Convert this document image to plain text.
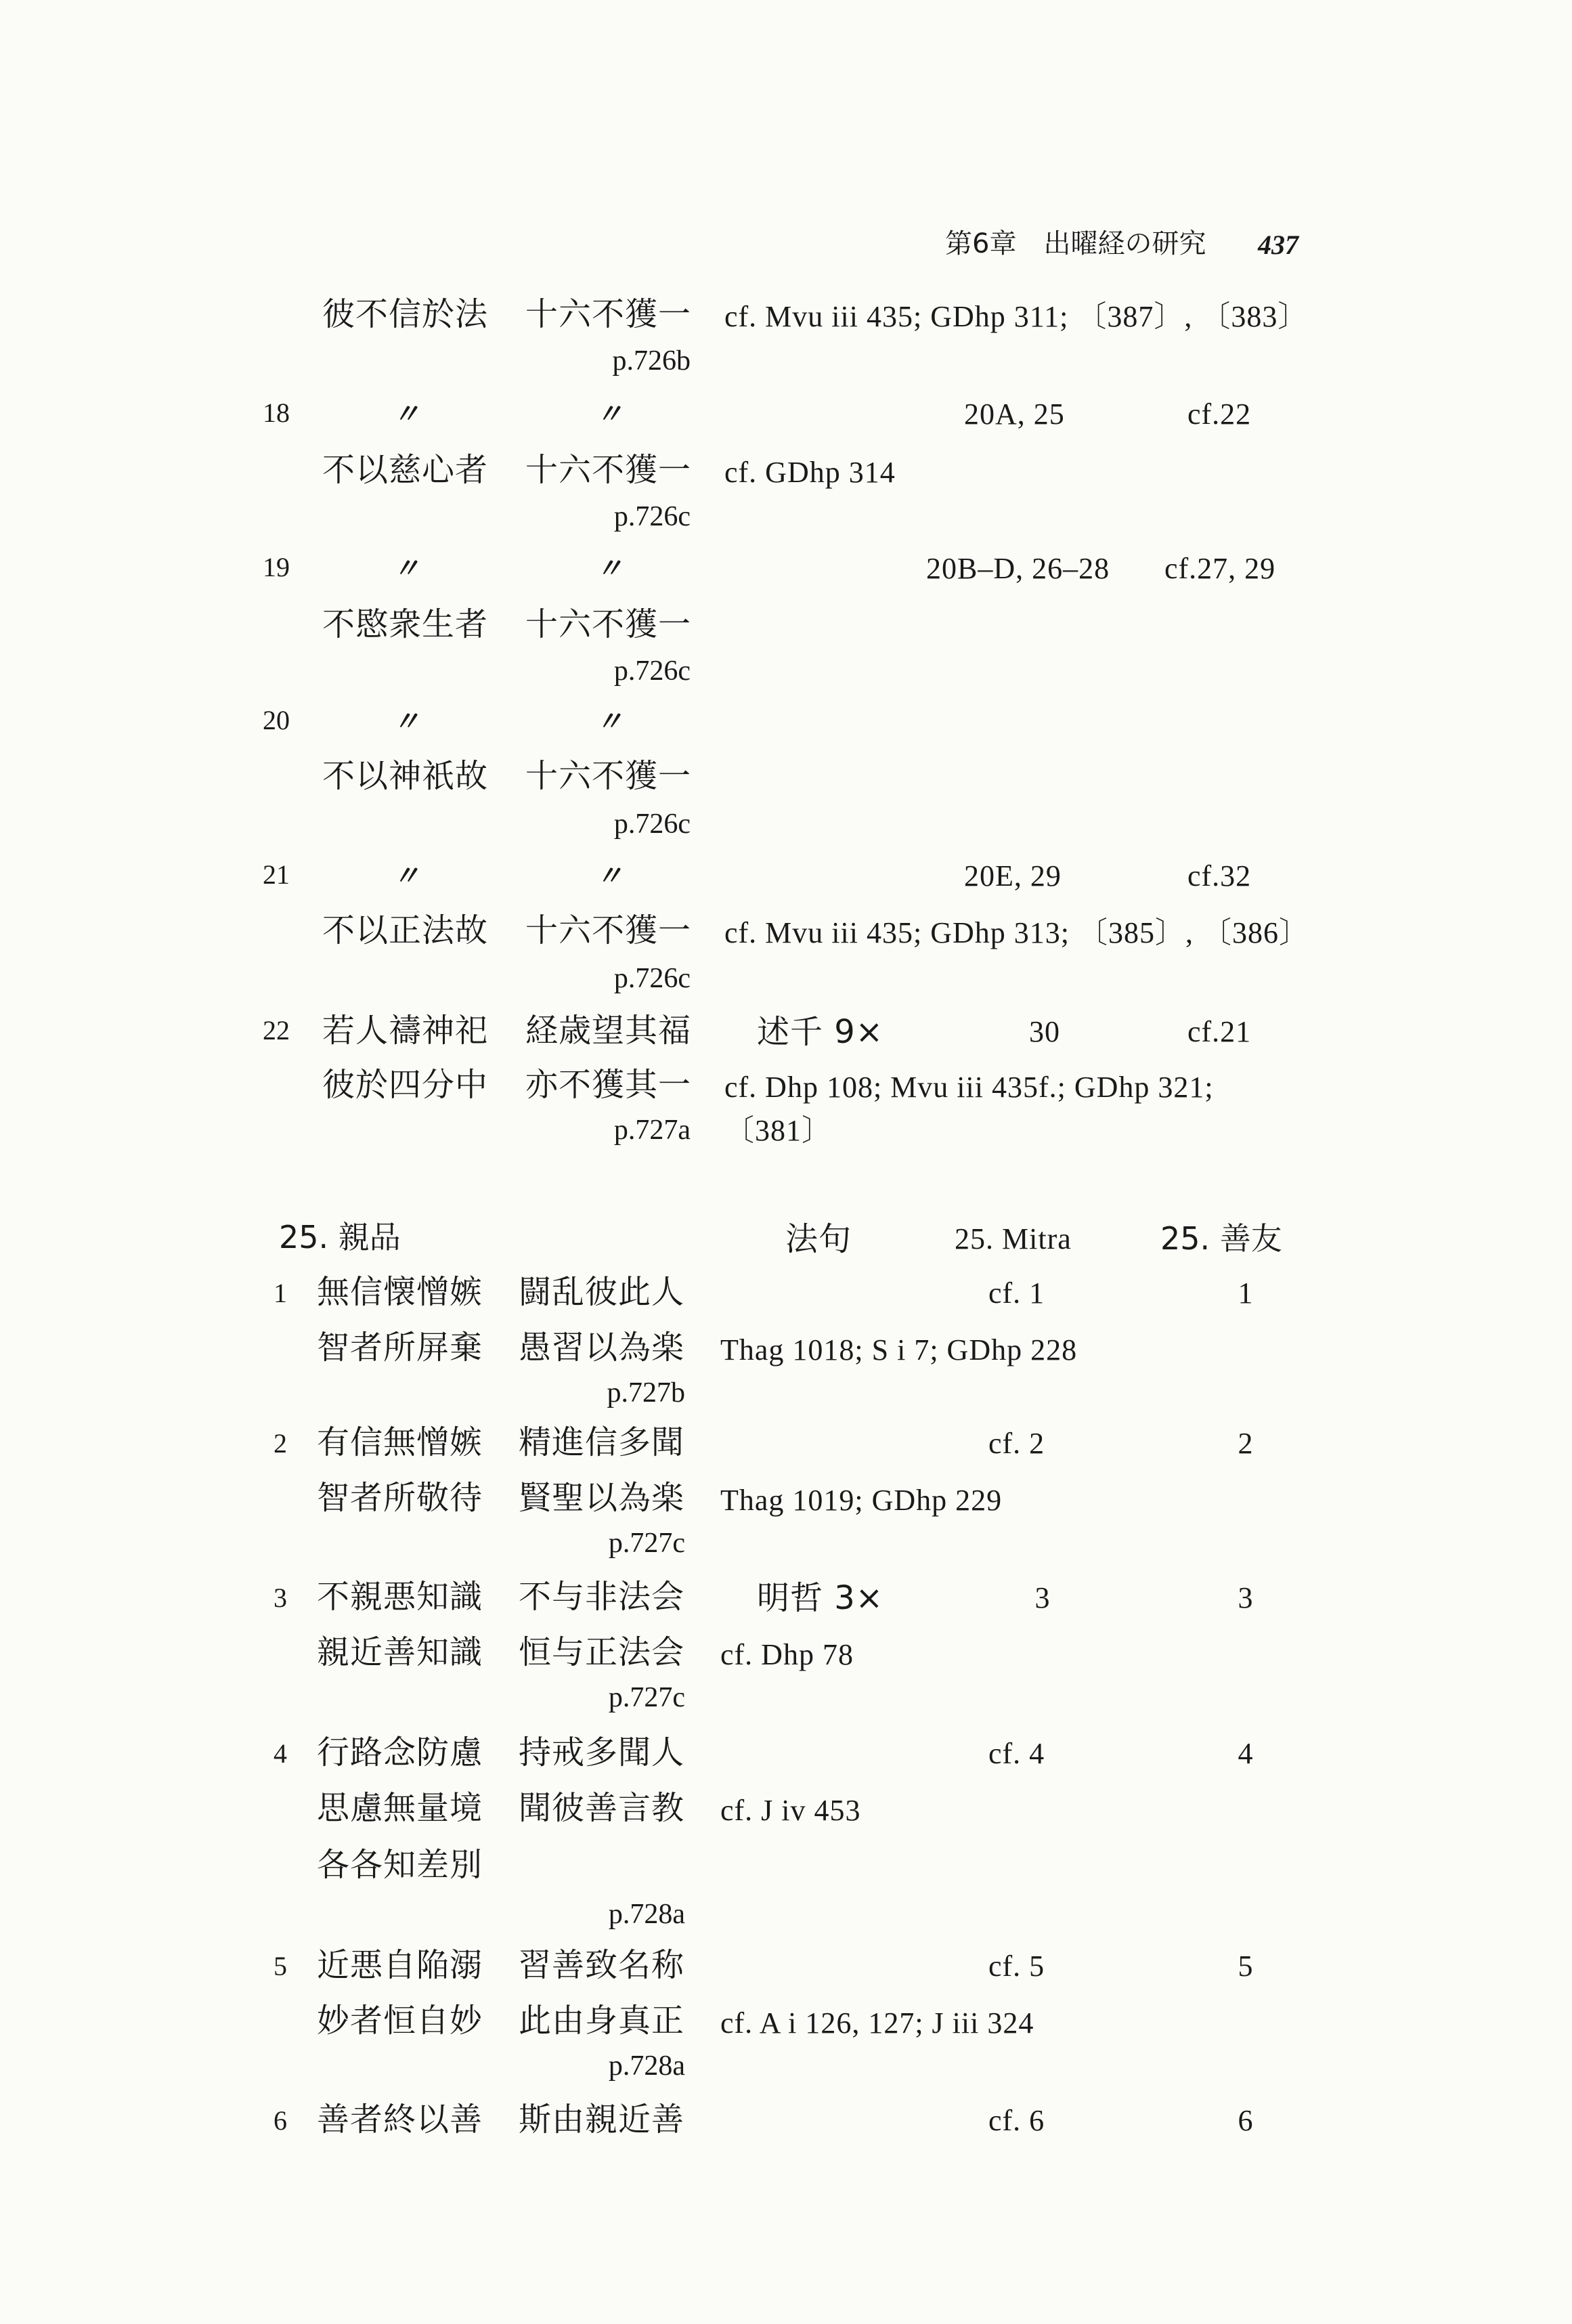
第6章　出曜経の研究 437
彼不信於法 十六不獲一 cf. Mvu iii 435; GDhp 311; 〔387〕, 〔383〕
p.726b
18	〃	〃	20A, 25	cf.22
不以慈心者 十六不獲一 cf. GDhp 314
p.726c
19	〃	〃	20B–D, 26–28 cf.27, 29
不愍衆生者 十六不獲一
p.726c
20	〃	〃
不以神祇故 十六不獲一
p.726c
21	〃	〃	20E, 29	cf.32
不以正法故 十六不獲一 cf. Mvu iii 435; GDhp 313; 〔385〕, 〔386〕
p.726c
22 若人禱神祀 経歳望其福 述千 9×	30	cf.21
彼於四分中 亦不獲其一 cf. Dhp 108; Mvu iii 435f.; GDhp 321;
p.727a 〔381〕
25. 親品	法句	25. Mitra	25. 善友
1 無信懐憎嫉 闘乱彼此人	cf. 1	1
智者所屏棄 愚習以為楽 Thag 1018; S i 7; GDhp 228
p.727b
2 有信無憎嫉 精進信多聞	cf. 2	2
智者所敬待 賢聖以為楽 Thag 1019; GDhp 229
p.727c
3 不親悪知識 不与非法会 明哲 3×	3	3
親近善知識 恒与正法会 cf. Dhp 78
p.727c
4 行路念防慮 持戒多聞人	cf. 4	4
思慮無量境 聞彼善言教 cf. J iv 453
各各知差別
p.728a
5 近悪自陥溺 習善致名称	cf. 5	5
妙者恒自妙 此由身真正 cf. A i 126, 127; J iii 324
p.728a
6 善者終以善 斯由親近善	cf. 6	6
